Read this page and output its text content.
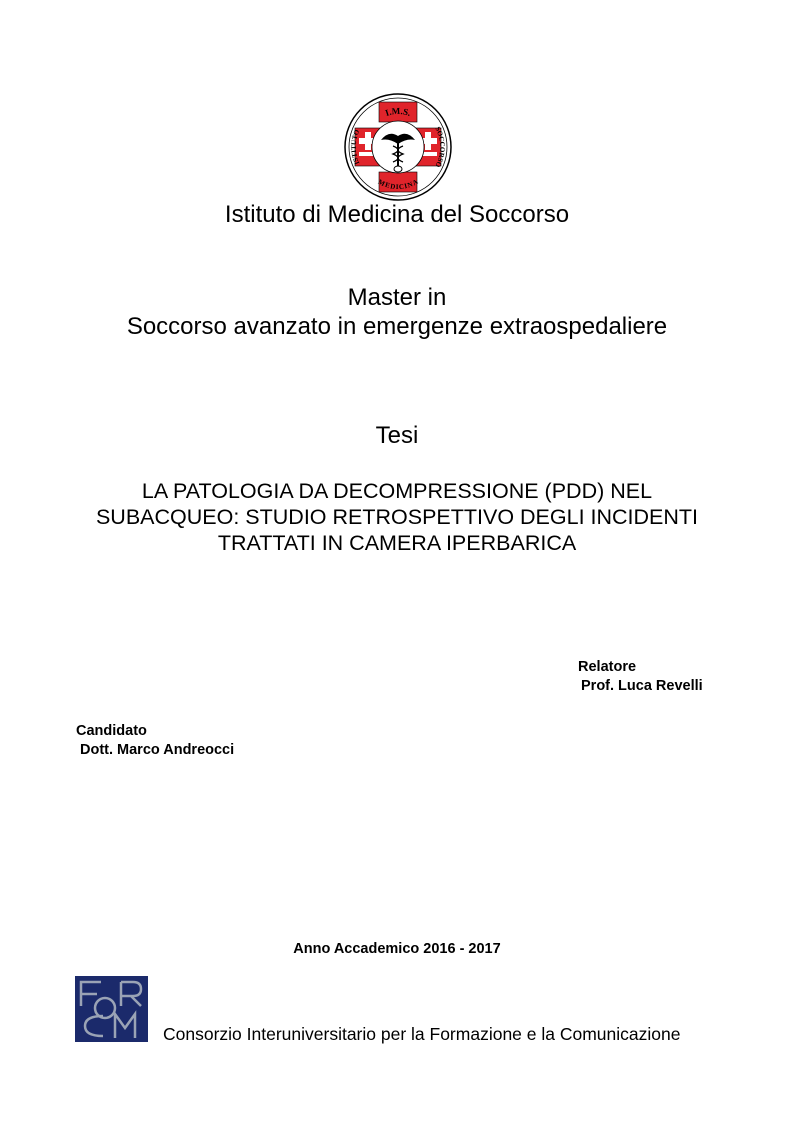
I.M.S.
ISTITUTO	SOCCORSO
MEDICINA
Istituto di Medicina del Soccorso
Master in
Soccorso avanzato in emergenze extraospedaliere
Tesi
LA PATOLOGIA DA DECOMPRESSIONE (PDD) NEL
SUBACQUEO: STUDIO RETROSPETTIVO DEGLI INCIDENTI
TRATTATI IN CAMERA IPERBARICA
Relatore
Prof. Luca Revelli
Candidato
Dott. Marco Andreocci
Anno Accademico 2016 - 2017
Consorzio Interuniversitario per la Formazione e la Comunicazione
